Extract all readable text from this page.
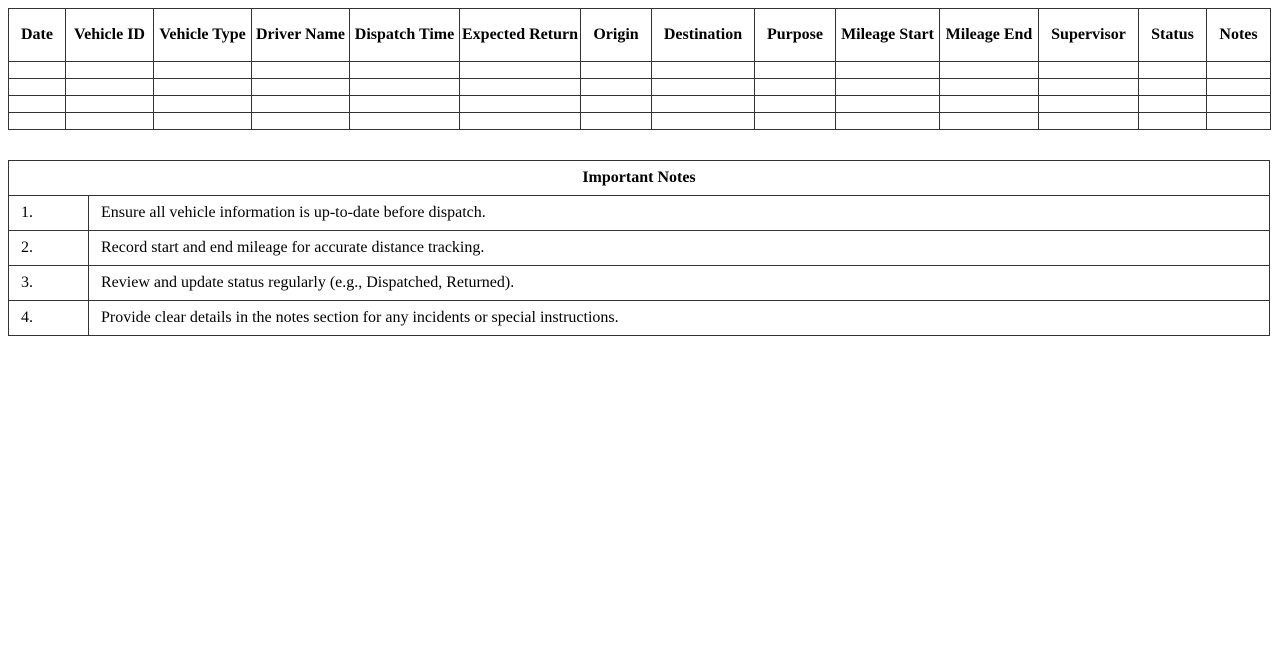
Date	Vehicle ID	Vehicle Type	Driver Name	Dispatch Time	Expected Return	Origin	Destination	Purpose	Mileage Start	Mileage End	Supervisor	Status	Notes

Important Notes	
1.	Ensure all vehicle information is up-to-date before dispatch.
2.	Record start and end mileage for accurate distance tracking.
3.	Review and update status regularly (e.g., Dispatched, Returned).
4.	Provide clear details in the notes section for any incidents or special instructions.
